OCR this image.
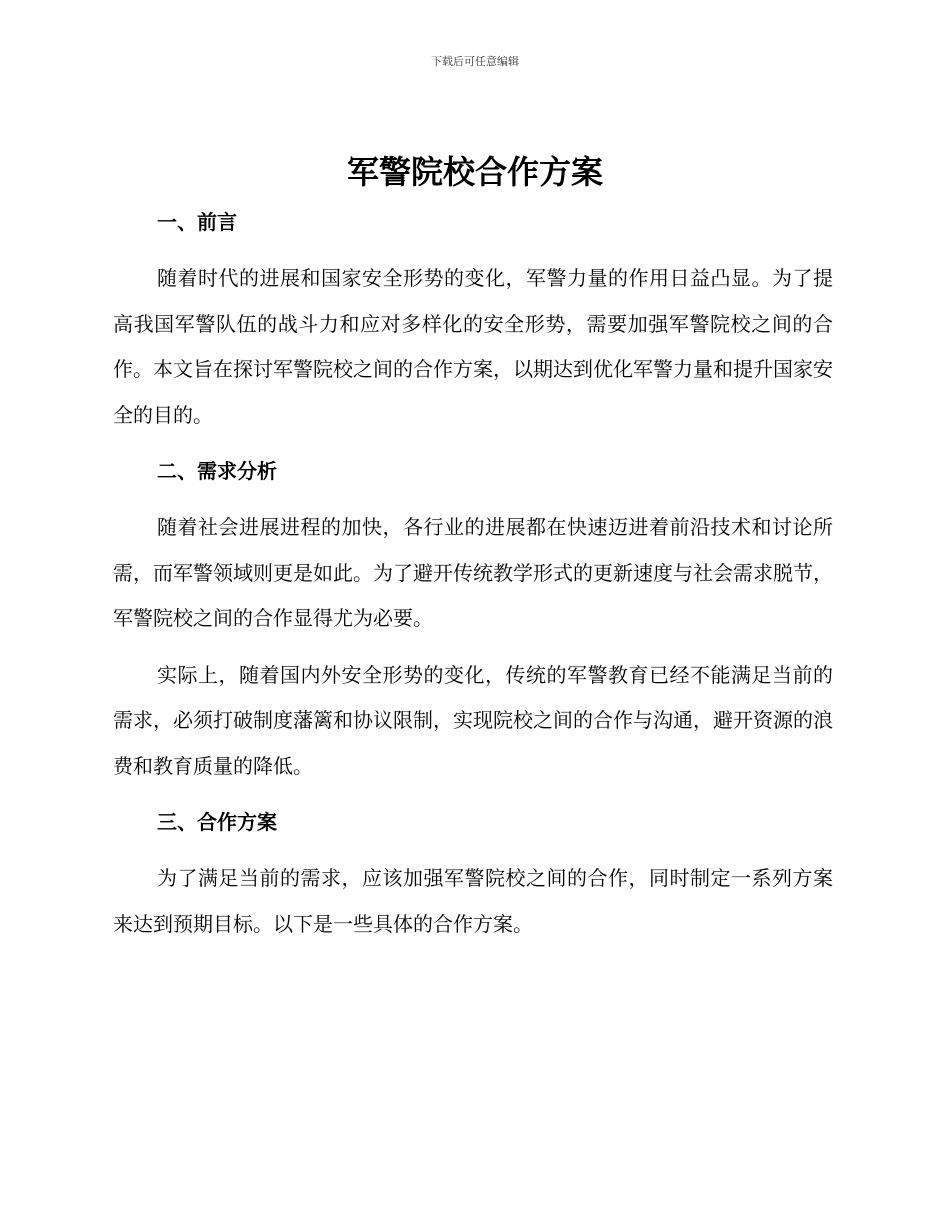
下载后可任意编辑
军警院校合作方案
一、前言

随着时代的进展和国家安全形势的变化，军警力量的作用日益凸显。为了提高我国军警队伍的战斗力和应对多样化的安全形势，需要加强军警院校之间的合作。本文旨在探讨军警院校之间的合作方案，以期达到优化军警力量和提升国家安全的目的。

二、需求分析

随着社会进展进程的加快，各行业的进展都在快速迈进着前沿技术和讨论所需，而军警领域则更是如此。为了避开传统教学形式的更新速度与社会需求脱节，军警院校之间的合作显得尤为必要。

实际上，随着国内外安全形势的变化，传统的军警教育已经不能满足当前的需求，必须打破制度藩篱和协议限制，实现院校之间的合作与沟通，避开资源的浪费和教育质量的降低。

三、合作方案

为了满足当前的需求，应该加强军警院校之间的合作，同时制定一系列方案来达到预期目标。以下是一些具体的合作方案。
